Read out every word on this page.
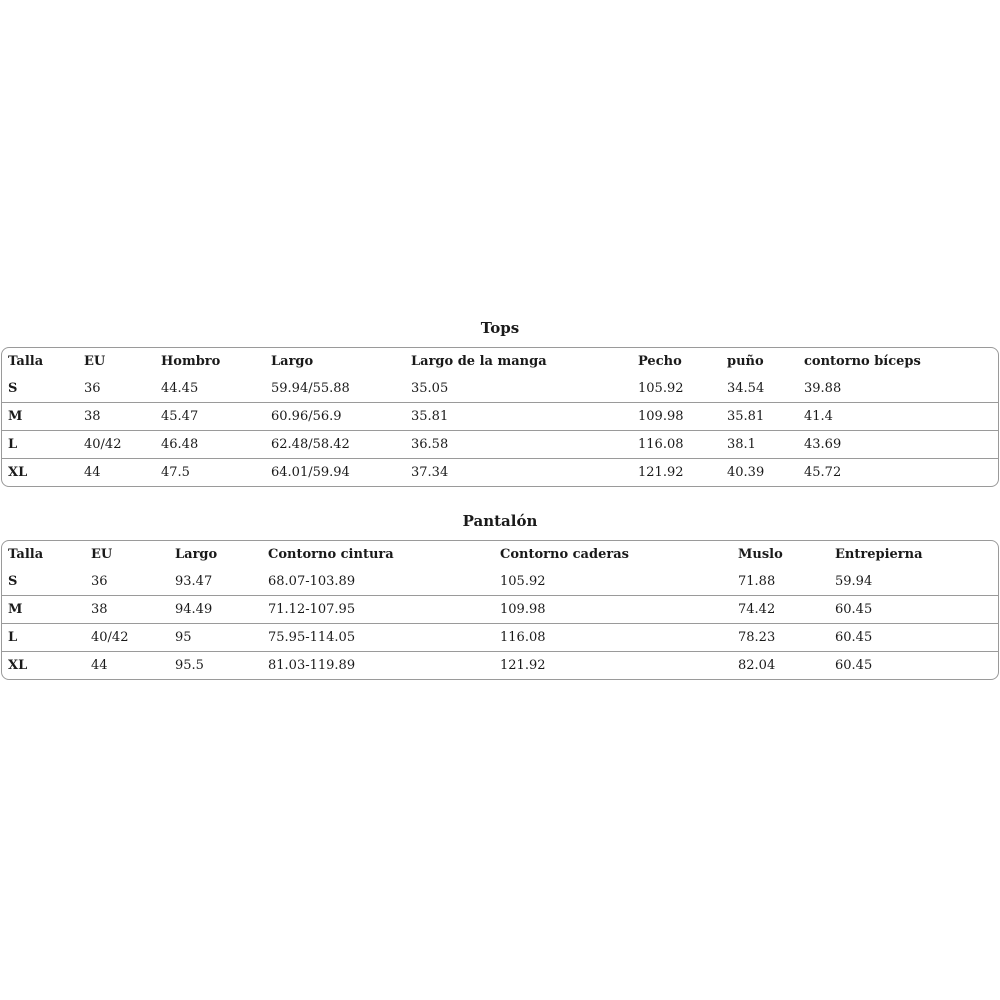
Tops
Talla	EU	Hombro	Largo	Largo de la manga	Pecho	puño	contorno bíceps
S	36	44.45	59.94/55.88	35.05	105.92	34.54	39.88
M	38	45.47	60.96/56.9	35.81	109.98	35.81	41.4
L	40/42	46.48	62.48/58.42	36.58	116.08	38.1	43.69
XL	44	47.5	64.01/59.94	37.34	121.92	40.39	45.72
Pantalón
Talla	EU	Largo	Contorno cintura	Contorno caderas	Muslo	Entrepierna
S	36	93.47	68.07-103.89	105.92	71.88	59.94
M	38	94.49	71.12-107.95	109.98	74.42	60.45
L	40/42	95	75.95-114.05	116.08	78.23	60.45
XL	44	95.5	81.03-119.89	121.92	82.04	60.45
